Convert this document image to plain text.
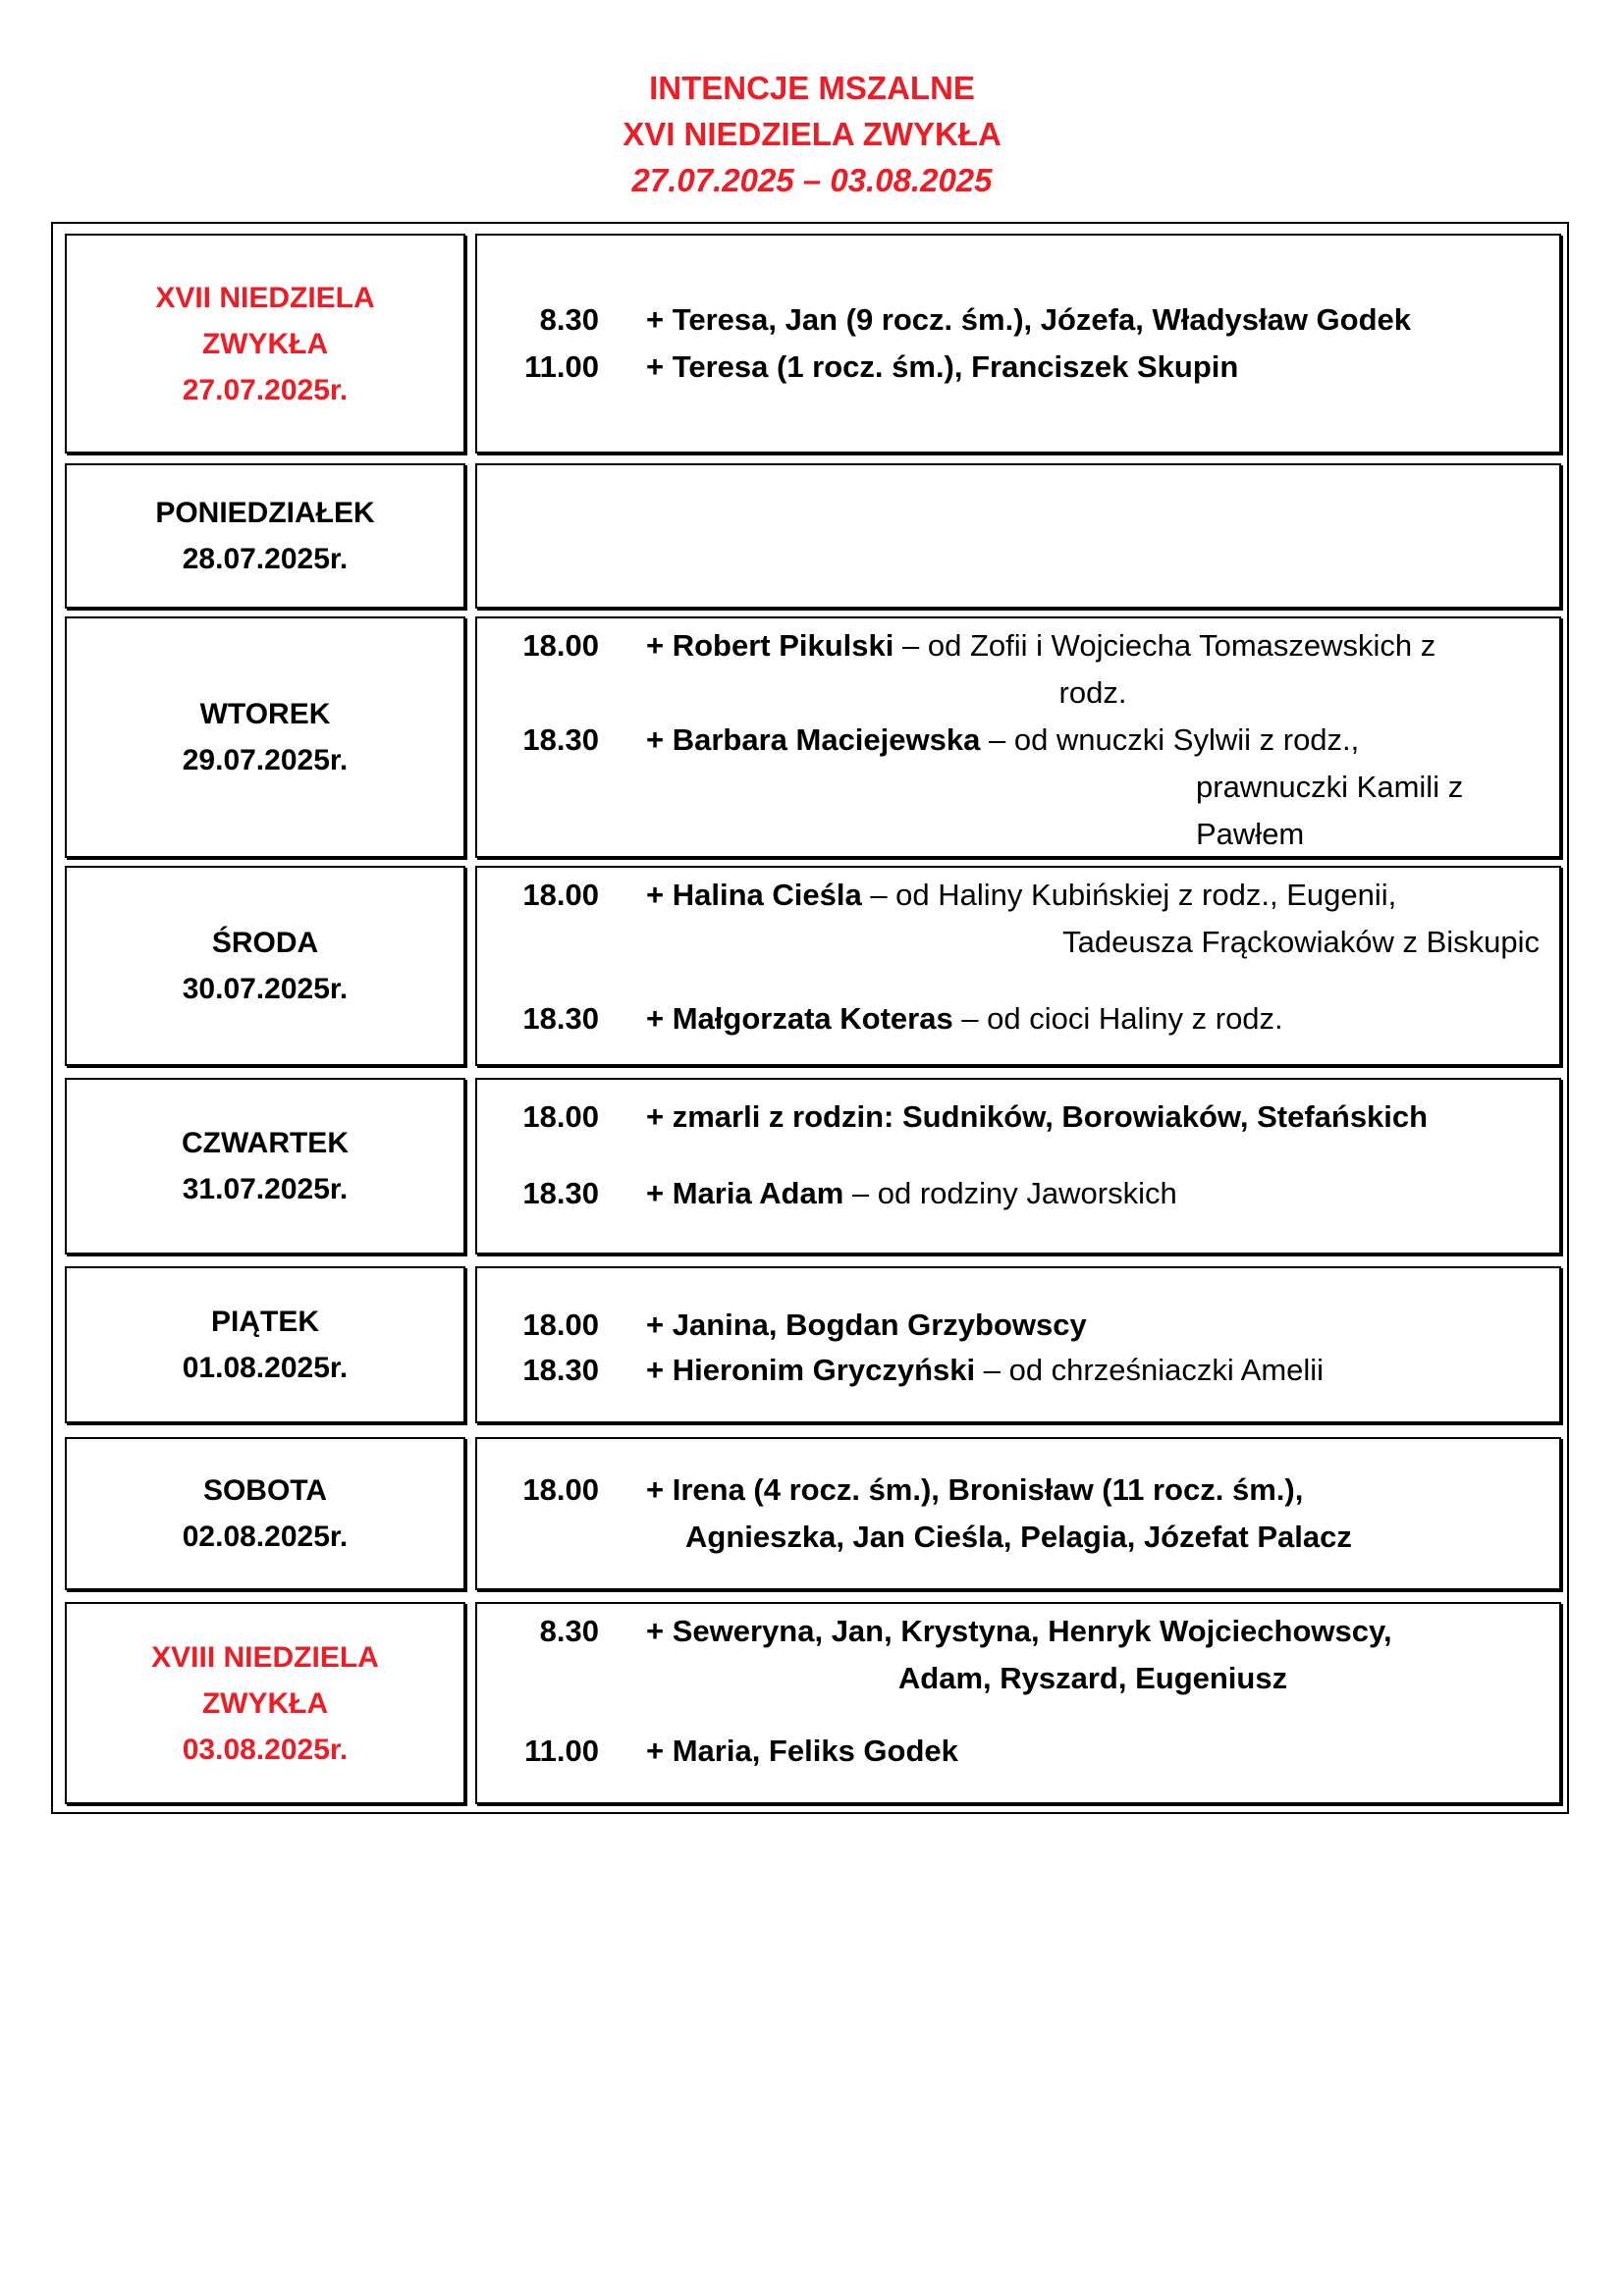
INTENCJE MSZALNE
XVI NIEDZIELA ZWYKŁA
27.07.2025 – 03.08.2025
XVII NIEDZIELA
ZWYKŁA
27.07.2025r.
8.30 + Teresa, Jan (9 rocz. śm.), Józefa, Władysław Godek
11.00 + Teresa (1 rocz. śm.), Franciszek Skupin
PONIEDZIAŁEK
28.07.2025r.
WTOREK
29.07.2025r.
18.00 + Robert Pikulski – od Zofii i Wojciecha Tomaszewskich z
rodz.
18.30 + Barbara Maciejewska – od wnuczki Sylwii z rodz.,
prawnuczki Kamili z
Pawłem
ŚRODA
30.07.2025r.
18.00 + Halina Cieśla – od Haliny Kubińskiej z rodz., Eugenii,
Tadeusza Frąckowiaków z Biskupic
18.30 + Małgorzata Koteras – od cioci Haliny z rodz.
CZWARTEK
31.07.2025r.
18.00 + zmarli z rodzin: Sudników, Borowiaków, Stefańskich
18.30 + Maria Adam – od rodziny Jaworskich
PIĄTEK
01.08.2025r.
18.00 + Janina, Bogdan Grzybowscy
18.30 + Hieronim Gryczyński – od chrześniaczki Amelii
SOBOTA
02.08.2025r.
18.00 + Irena (4 rocz. śm.), Bronisław (11 rocz. śm.),
Agnieszka, Jan Cieśla, Pelagia, Józefat Palacz
XVIII NIEDZIELA
ZWYKŁA
03.08.2025r.
8.30 + Seweryna, Jan, Krystyna, Henryk Wojciechowscy,
Adam, Ryszard, Eugeniusz
11.00 + Maria, Feliks Godek
